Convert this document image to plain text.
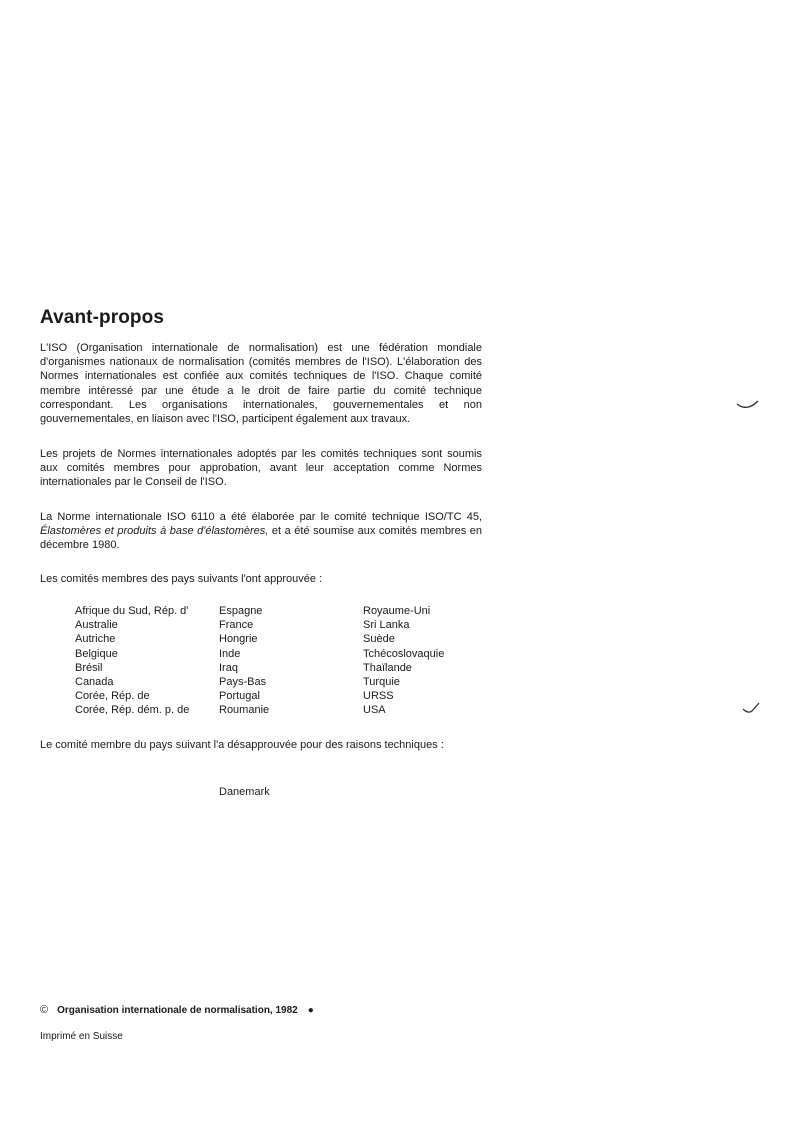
Avant-propos

L'ISO (Organisation internationale de normalisation) est une fédération mondiale d'organismes nationaux de normalisation (comités membres de l'ISO). L'élaboration des Normes internationales est confiée aux comités techniques de l'ISO. Chaque comité membre intéressé par une étude a le droit de faire partie du comité technique correspondant. Les organisations internationales, gouvernementales et non gouvernementales, en liaison avec l'ISO, participent également aux travaux.

Les projets de Normes internationales adoptés par les comités techniques sont soumis aux comités membres pour approbation, avant leur acceptation comme Normes internationales par le Conseil de l'ISO.

La Norme internationale ISO 6110 a été élaborée par le comité technique ISO/TC 45, Élastomères et produits à base d'élastomères, et a été soumise aux comités membres en décembre 1980.

Les comités membres des pays suivants l'ont approuvée :

Afrique du Sud, Rép. d'
Australie
Autriche
Belgique
Brésil
Canada
Corée, Rép. de
Corée, Rép. dém. p. de
Espagne
France
Hongrie
Inde
Iraq
Pays-Bas
Portugal
Roumanie
Royaume-Uni
Sri Lanka
Suède
Tchécoslovaquie
Thaïlande
Turquie
URSS
USA

Le comité membre du pays suivant l'a désapprouvée pour des raisons techniques :

Danemark
© Organisation internationale de normalisation, 1982 ●
Imprimé en Suisse
